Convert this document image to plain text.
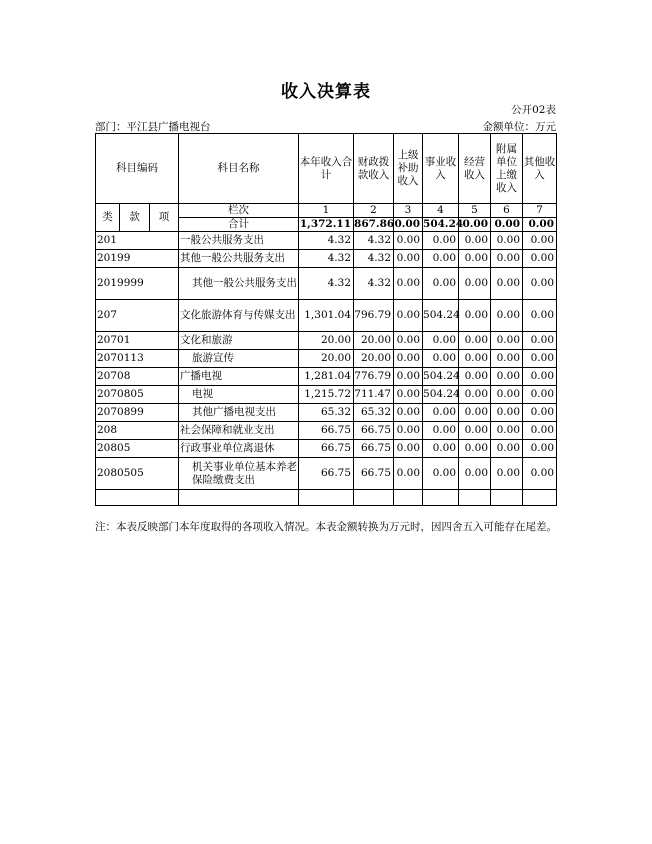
收入决算表
公开02表
部门：平江县广播电视台	金额单位：万元
科目编码			科目名称	本年收入合计	财政拨款收入	上级补助收入	事业收入	经营收入	附属单位上缴收入	其他收入
类	款	项	栏次	1	2	3	4	5	6	7
			合计	1,372.11	867.86	0.00	504.24	0.00	0.00	0.00
201			一般公共服务支出	4.32	4.32	0.00	0.00	0.00	0.00	0.00
20199			其他一般公共服务支出	4.32	4.32	0.00	0.00	0.00	0.00	0.00
2019999			其他一般公共服务支出	4.32	4.32	0.00	0.00	0.00	0.00	0.00
207			文化旅游体育与传媒支出	1,301.04	796.79	0.00	504.24	0.00	0.00	0.00
20701			文化和旅游	20.00	20.00	0.00	0.00	0.00	0.00	0.00
2070113			旅游宣传	20.00	20.00	0.00	0.00	0.00	0.00	0.00
20708			广播电视	1,281.04	776.79	0.00	504.24	0.00	0.00	0.00
2070805			电视	1,215.72	711.47	0.00	504.24	0.00	0.00	0.00
2070899			其他广播电视支出	65.32	65.32	0.00	0.00	0.00	0.00	0.00
208			社会保障和就业支出	66.75	66.75	0.00	0.00	0.00	0.00	0.00
20805			行政事业单位离退休	66.75	66.75	0.00	0.00	0.00	0.00	0.00
2080505			机关事业单位基本养老保险缴费支出	66.75	66.75	0.00	0.00	0.00	0.00	0.00

注：本表反映部门本年度取得的各项收入情况。本表金额转换为万元时，因四舍五入可能存在尾差。
